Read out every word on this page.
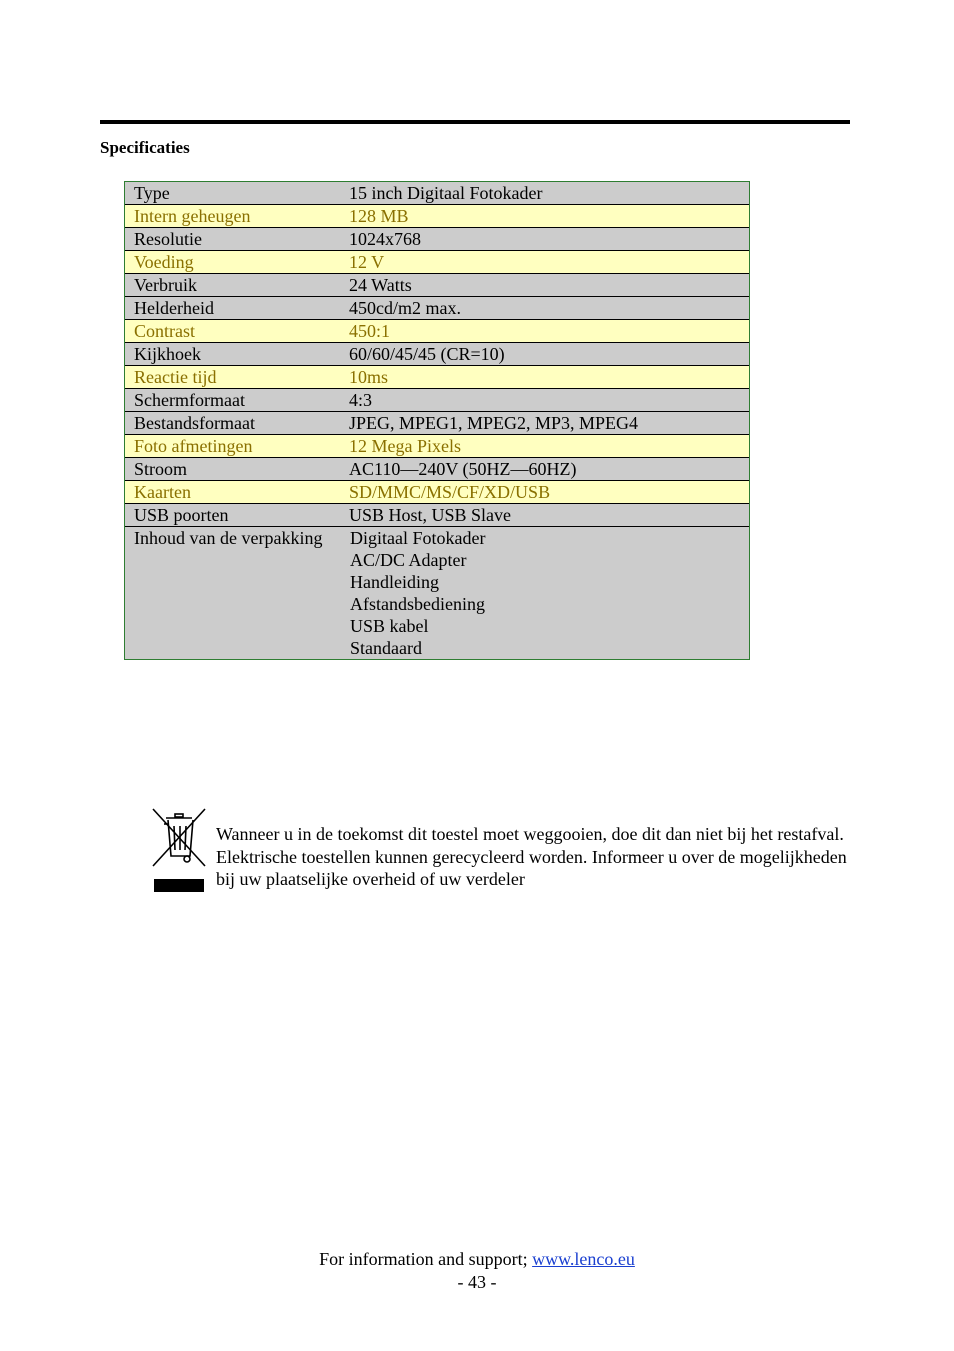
Specificaties
Type	15 inch Digitaal Fotokader
Intern geheugen	128 MB
Resolutie	1024x768
Voeding	12 V
Verbruik	24 Watts
Helderheid	450cd/m2 max.
Contrast	450:1
Kijkhoek	60/60/45/45 (CR=10)
Reactie tijd	10ms
Schermformaat	4:3
Bestandsformaat	JPEG, MPEG1, MPEG2, MP3, MPEG4
Foto afmetingen	12 Mega Pixels
Stroom	AC110—240V (50HZ—60HZ)
Kaarten	SD/MMC/MS/CF/XD/USB
USB poorten	USB Host, USB Slave
Inhoud van de verpakking	Digitaal Fotokader
AC/DC Adapter
Handleiding
Afstandsbediening
USB kabel
Standaard
Wanneer u in de toekomst dit toestel moet weggooien, doe dit dan niet bij het restafval. Elektrische toestellen kunnen gerecycleerd worden. Informeer u over de mogelijkheden bij uw plaatselijke overheid of uw verdeler
For information and support; www.lenco.eu
- 43 -
